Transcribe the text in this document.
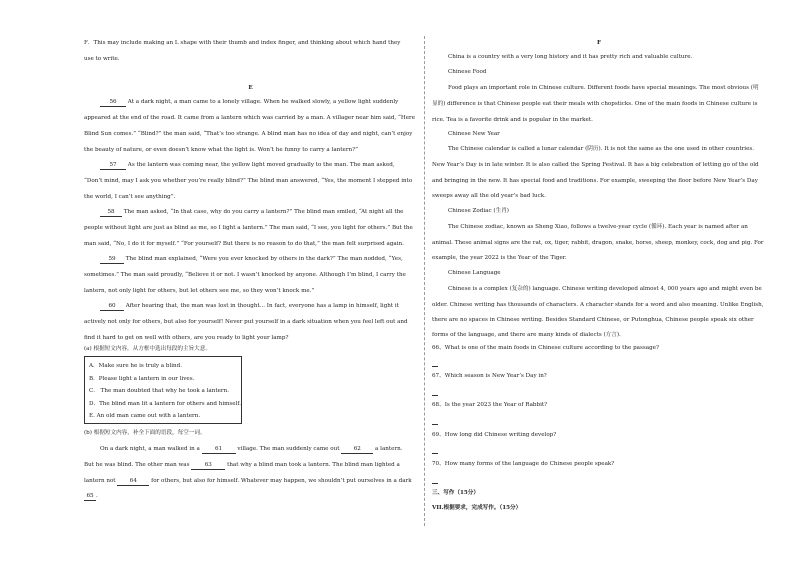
F．This may include making an L shape with their thumb and index finger, and thinking about which hand they
use to write.
E
56 At a dark night, a man came to a lonely village. When he walked slowly, a yellow light suddenly
appeared at the end of the road. It came from a lantern which was carried by a man. A villager near him said, “Here
Blind Sun comes.” “Blind?” the man said, “That’s too strange. A blind man has no idea of day and night, can’t enjoy
the beauty of nature, or even doesn’t know what the light is. Won’t he funny to carry a lantern?”
57 As the lantern was coming near, the yellow light moved gradually to the man. The man asked,
“Don’t mind, may I ask you whether you’re really blind?” The blind man answered, “Yes, the moment I stepped into
the world, I can’t see anything”.
58 The man asked, “In that case, why do you carry a lantern?” The blind man smiled, “At night all the
people without light are just as blind as me, so I light a lantern.” The man said, “I see, you light for others.” But the
man said, “No, I do it for myself.” “For yourself? But there is no reason to do that,” the man felt surprised again.
59 The blind man explained, “Were you ever knocked by others in the dark?” The man nodded, “Yes,
sometimes.” The man said proudly, “Believe it or not. I wasn’t knocked by anyone. Although I’m blind, I carry the
lantern, not only light for others, but let others see me, so they won’t knock me.”
60 After hearing that, the man was lost in thought... In fact, everyone has a lamp in himself, light it
actively not only for others, but also for yourself! Never put yourself in a dark situation when you feel left out and
find it hard to get on well with others, are you ready to light your lamp?
(a) 根据短文内容，从方框中选出每段的主旨大意。
A．Make sure he is truly a blind.
B．Please light a lantern in our lives.
C． The man doubted that why he took a lantern.
D．The blind man lit a lantern for others and himself.
E. An old man came out with a lantern.
(b) 根据短文内容，补全下面的语段，每空一词。
On a dark night, a man walked in a 61 village. The man suddenly came out 62 a lantern.
But he was blind. The other man was 63 that why a blind man took a lantern. The blind man lighted a
lantern not 64 for others, but also for himself. Whatever may happen, we shouldn’t put ourselves in a dark
65 .
F
China is a country with a very long history and it has pretty rich and valuable culture.
Chinese Food
Food plays an important role in Chinese culture. Different foods have special meanings. The most obvious (明
显的) difference is that Chinese people eat their meals with chopsticks. One of the main foods in Chinese culture is
rice. Tea is a favorite drink and is popular in the market.
Chinese New Year
The Chinese calendar is called a lunar calendar (阴历). It is not the same as the one used in other countries.
New Year’s Day is in late winter. It is also called the Spring Festival. It has a big celebration of letting go of the old
and bringing in the new. It has special food and traditions. For example, sweeping the floor before New Year’s Day
sweeps away all the old year’s bad luck.
Chinese Zodiac (生肖)
The Chinese zodiac, known as Sheng Xiao, follows a twelve-year cycle (循环). Each year is named after an
animal. These animal signs are the rat, ox, tiger, rabbit, dragon, snake, horse, sheep, monkey, cock, dog and pig. For
example, the year 2022 is the Year of the Tiger.
Chinese Language
Chinese is a complex (复杂的) language. Chinese writing developed almost 4, 000 years ago and might even be
older. Chinese writing has thousands of characters. A character stands for a word and also meaning. Unlike English,
there are no spaces in Chinese writing. Besides Standard Chinese, or Putonghua, Chinese people speak six other
forms of the language, and there are many kinds of dialects (方言).
66、What is one of the main foods in Chinese culture according to the passage?
67、Which season is New Year’s Day in?
68、Is the year 2023 the Year of Rabbit?
69、How long did Chinese writing develop?
70、How many forms of the language do Chinese people speak?
三、写作（15分）
VII.根据要求，完成写作。（15分）
